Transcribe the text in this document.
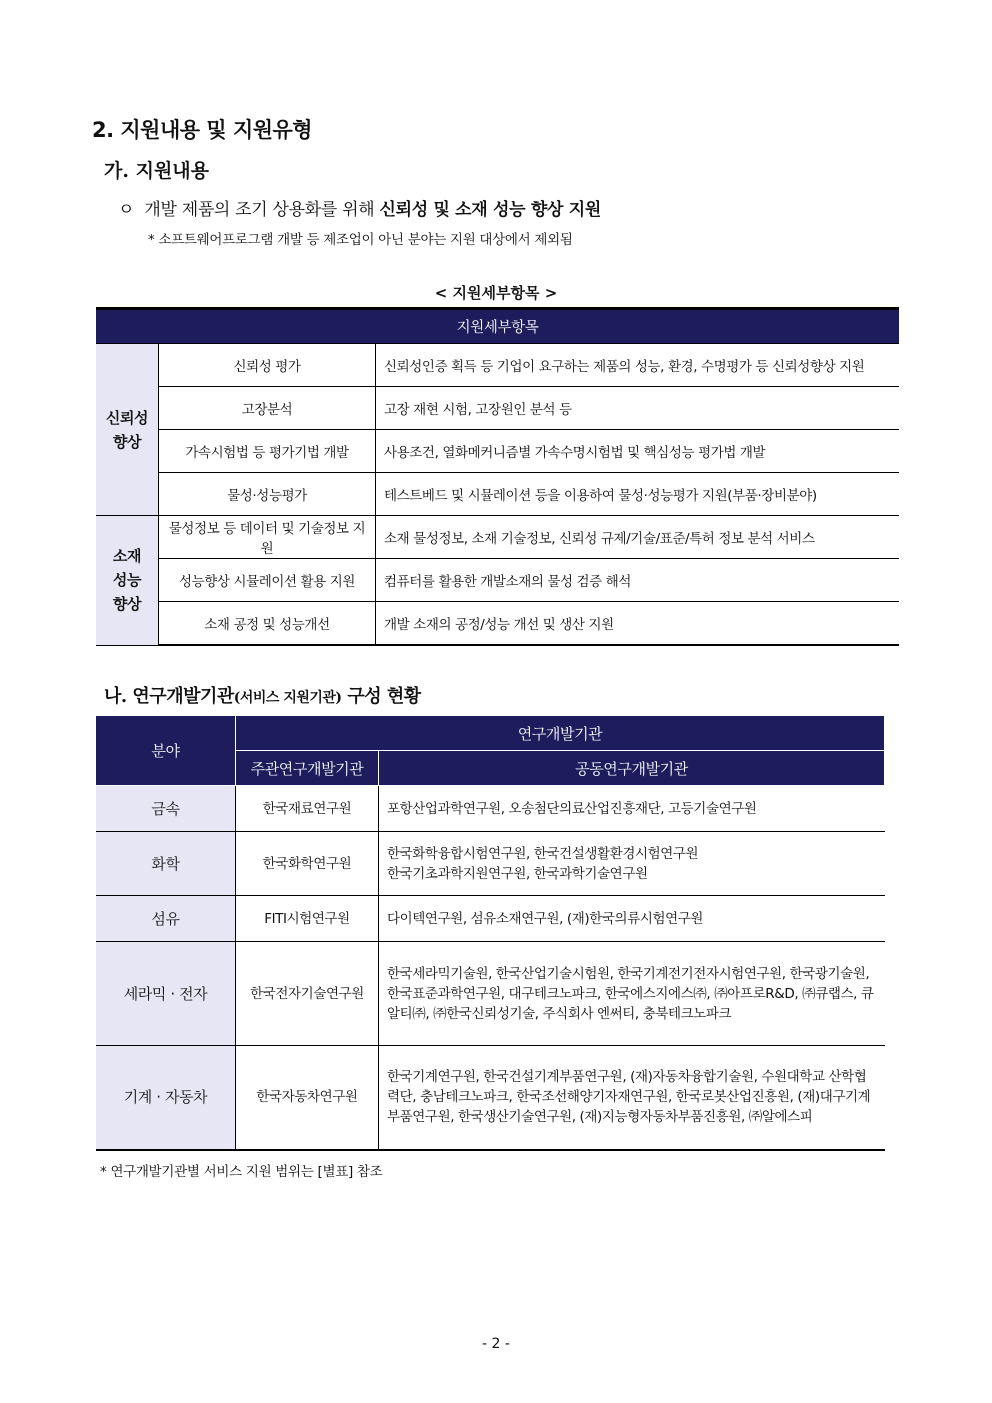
2. 지원내용 및 지원유형
가. 지원내용
ㅇ 개발 제품의 조기 상용화를 위해 신뢰성 및 소재 성능 향상 지원
* 소프트웨어프로그램 개발 등 제조업이 아닌 분야는 지원 대상에서 제외됨
< 지원세부항목 >
지원세부항목		
신뢰성 향상	신뢰성 평가	신뢰성인증 획득 등 기업이 요구하는 제품의 성능, 환경, 수명평가 등 신뢰성향상 지원
	고장분석	고장 재현 시험, 고장원인 분석 등
	가속시험법 등 평가기법 개발	사용조건, 열화메커니즘별 가속수명시험법 및 핵심성능 평가법 개발
	물성·성능평가	테스트베드 및 시뮬레이션 등을 이용하여 물성·성능평가 지원(부품·장비분야)
소재 성능 향상	물성정보 등 데이터 및 기술정보 지원	소재 물성정보, 소재 기술정보, 신뢰성 규제/기술/표준/특허 정보 분석 서비스
	성능향상 시뮬레이션 활용 지원	컴퓨터를 활용한 개발소재의 물성 검증 해석
	소재 공정 및 성능개선	개발 소재의 공정/성능 개선 및 생산 지원
나. 연구개발기관(서비스 지원기관) 구성 현황
분야	연구개발기관	
	주관연구개발기관	공동연구개발기관
금속	한국재료연구원	포항산업과학연구원, 오송첨단의료산업진흥재단, 고등기술연구원
화학	한국화학연구원	한국화학융합시험연구원, 한국건설생활환경시험연구원
한국기초과학지원연구원, 한국과학기술연구원
섬유	FITI시험연구원	다이텍연구원, 섬유소재연구원, (재)한국의류시험연구원
세라믹 · 전자	한국전자기술연구원	한국세라믹기술원, 한국산업기술시험원, 한국기계전기전자시험연구원, 한국광기술원, 한국표준과학연구원, 대구테크노파크, 한국에스지에스㈜, ㈜아프로R&D, ㈜큐랩스, 큐알티㈜, ㈜한국신뢰성기술, 주식회사 엔써티, 충북테크노파크
기계 · 자동차	한국자동차연구원	한국기계연구원, 한국건설기계부품연구원, (재)자동차융합기술원, 수원대학교 산학협력단, 충남테크노파크, 한국조선해양기자재연구원, 한국로봇산업진흥원, (재)대구기계부품연구원, 한국생산기술연구원, (재)지능형자동차부품진흥원, ㈜알에스피
* 연구개발기관별 서비스 지원 범위는 [별표] 참조
- 2 -
